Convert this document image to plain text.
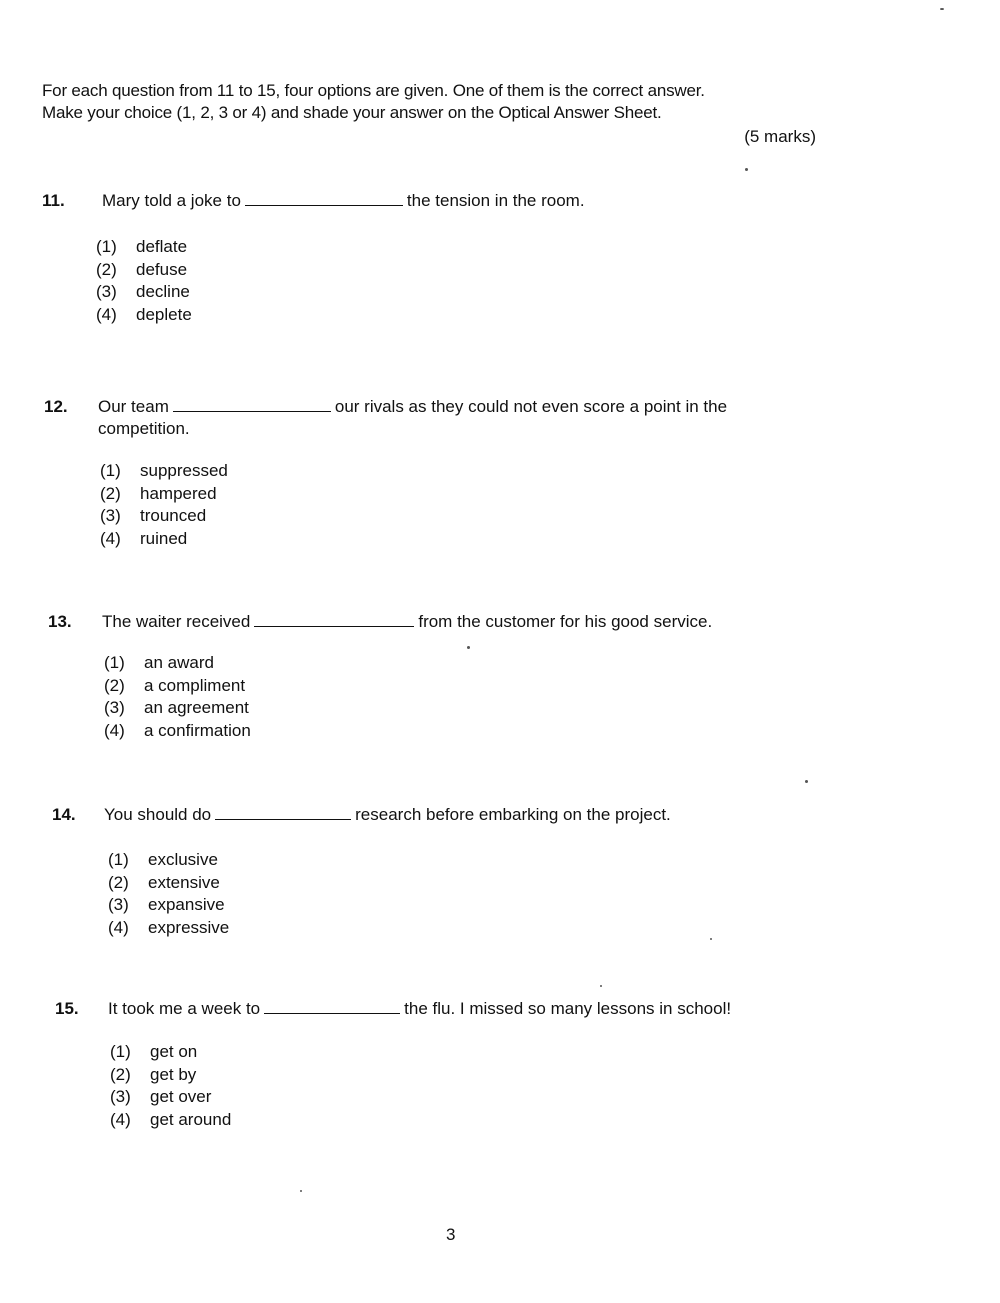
For each question from 11 to 15, four options are given. One of them is the correct answer.

Make your choice (1, 2, 3 or 4) and shade your answer on the Optical Answer Sheet.

(5 marks)
11. Mary told a joke to	the tension in the room.
(1) deflate
(2) defuse
(3) decline
(4) deplete
12. Our team	our rivals as they could not even score a point in the competition.
(1) suppressed
(2) hampered
(3) trounced
(4) ruined
13. The waiter received	from the customer for his good service.
(1) an award
(2) a compliment
(3) an agreement
(4) a confirmation
14. You should do	research before embarking on the project.
(1) exclusive
(2) extensive
(3) expansive
(4) expressive
15. It took me a week to	the flu. I missed so many lessons in school!
(1) get on
(2) get by
(3) get over
(4) get around
3
